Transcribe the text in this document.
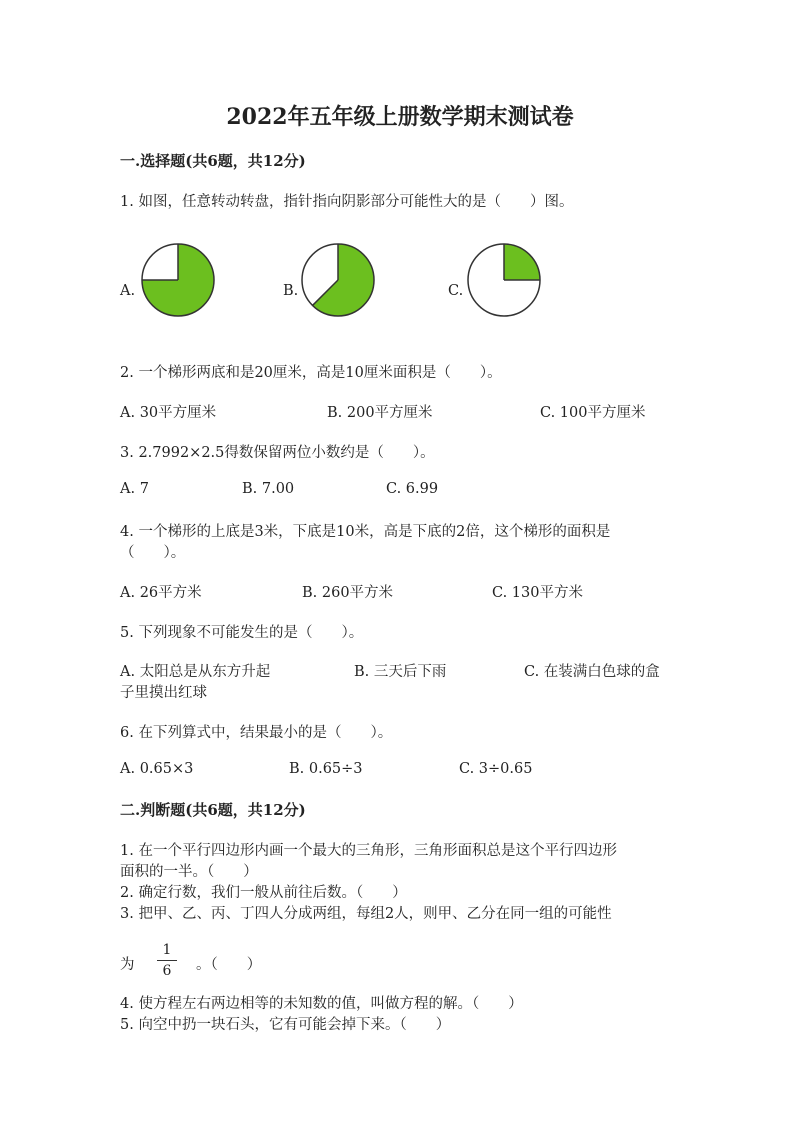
2022年五年级上册数学期末测试卷
一.选择题(共6题，共12分)
1. 如图，任意转动转盘，指针指向阴影部分可能性大的是（　　）图。
A.	B.	C.
2. 一个梯形两底和是20厘米，高是10厘米面积是（　　）。
A. 30平方厘米	B. 200平方厘米	C. 100平方厘米
3. 2.7992×2.5得数保留两位小数约是（　　）。
A. 7	B. 7.00	C. 6.99
4. 一个梯形的上底是3米，下底是10米，高是下底的2倍，这个梯形的面积是
（　　）。
A. 26平方米	B. 260平方米	C. 130平方米
5. 下列现象不可能发生的是（　　）。
A. 太阳总是从东方升起	B. 三天后下雨	C. 在装满白色球的盒
子里摸出红球
6. 在下列算式中，结果最小的是（　　）。
A. 0.65×3	B. 0.65÷3	C. 3÷0.65
二.判断题(共6题，共12分)
1. 在一个平行四边形内画一个最大的三角形，三角形面积总是这个平行四边形
面积的一半。（　　）
2. 确定行数，我们一般从前往后数。（　　）
3. 把甲、乙、丙、丁四人分成两组，每组2人，则甲、乙分在同一组的可能性
为
1
6	。（　　）
4. 使方程左右两边相等的未知数的值，叫做方程的解。（　　）
5. 向空中扔一块石头，它有可能会掉下来。（　　）
